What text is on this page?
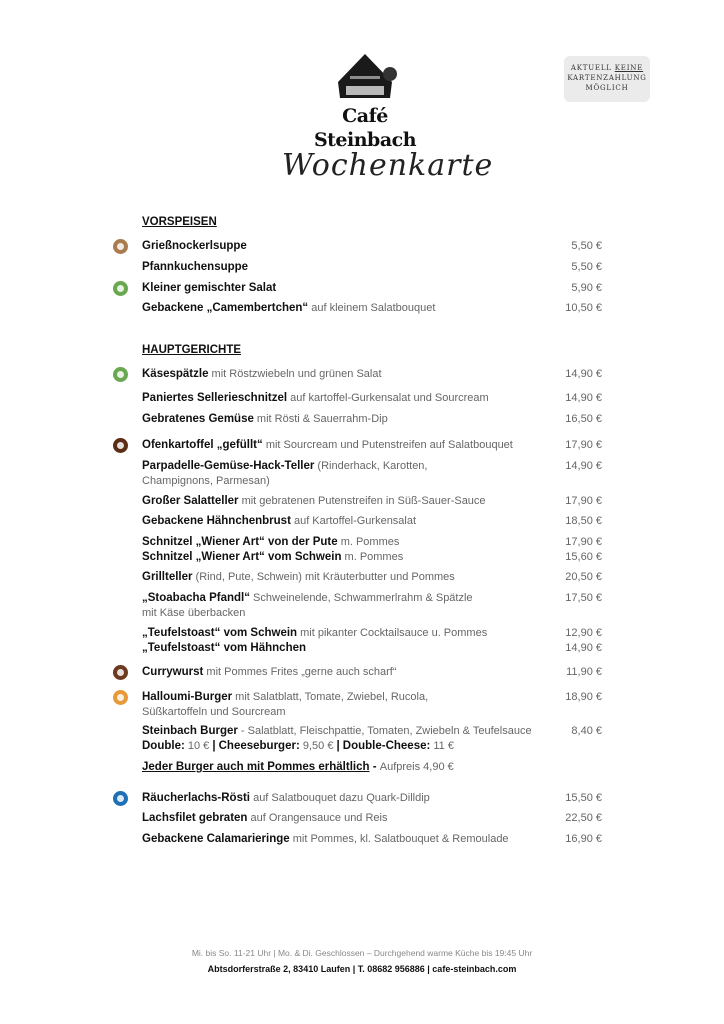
Café Steinbach
Wochenkarte
AKTUELL KEINE
KARTENZAHLUNG
MÖGLICH
VORSPEISEN
Grießnockerlsuppe	5,50 €
Pfannkuchensuppe	5,50 €
Kleiner gemischter Salat	5,90 €
Gebackene „Camembertchen“ auf kleinem Salatbouquet	10,50 €
HAUPTGERICHTE
Käsespätzle mit Röstzwiebeln und grünen Salat	14,90 €
Paniertes Sellerieschnitzel auf kartoffel-Gurkensalat und Sourcream	14,90 €
Gebratenes Gemüse mit Rösti & Sauerrahm-Dip	16,50 €
Ofenkartoffel „gefüllt“ mit Sourcream und Putenstreifen auf Salatbouquet	17,90 €
Parpadelle-Gemüse-Hack-Teller (Rinderhack, Karotten,	14,90 €
Champignons, Parmesan)
Großer Salatteller mit gebratenen Putenstreifen in Süß-Sauer-Sauce	17,90 €
Gebackene Hähnchenbrust auf Kartoffel-Gurkensalat	18,50 €
Schnitzel „Wiener Art“ von der Pute m. Pommes	17,90 €
Schnitzel „Wiener Art“ vom Schwein m. Pommes	15,60 €
Grillteller (Rind, Pute, Schwein) mit Kräuterbutter und Pommes	20,50 €
„Stoabacha Pfandl“ Schweinelende, Schwammerlrahm & Spätzle	17,50 €
mit Käse überbacken
„Teufelstoast“ vom Schwein mit pikanter Cocktailsauce u. Pommes	12,90 €
„Teufelstoast“ vom Hähnchen	14,90 €
Currywurst mit Pommes Frites „gerne auch scharf“	11,90 €
Halloumi-Burger mit Salatblatt, Tomate, Zwiebel, Rucola,	18,90 €
Süßkartoffeln und Sourcream
Steinbach Burger - Salatblatt, Fleischpattie, Tomaten, Zwiebeln & Teufelsauce	8,40 €
Double: 10 € | Cheeseburger: 9,50 € | Double-Cheese: 11 €
Jeder Burger auch mit Pommes erhältlich - Aufpreis 4,90 €
Räucherlachs-Rösti auf Salatbouquet dazu Quark-Dilldip	15,50 €
Lachsfilet gebraten auf Orangensauce und Reis	22,50 €
Gebackene Calamarieringe mit Pommes, kl. Salatbouquet & Remoulade	16,90 €
Mi. bis So. 11-21 Uhr | Mo. & Di. Geschlossen – Durchgehend warme Küche bis 19:45 Uhr
Abtsdorferstraße 2, 83410 Laufen | T. 08682 956886 | cafe-steinbach.com
